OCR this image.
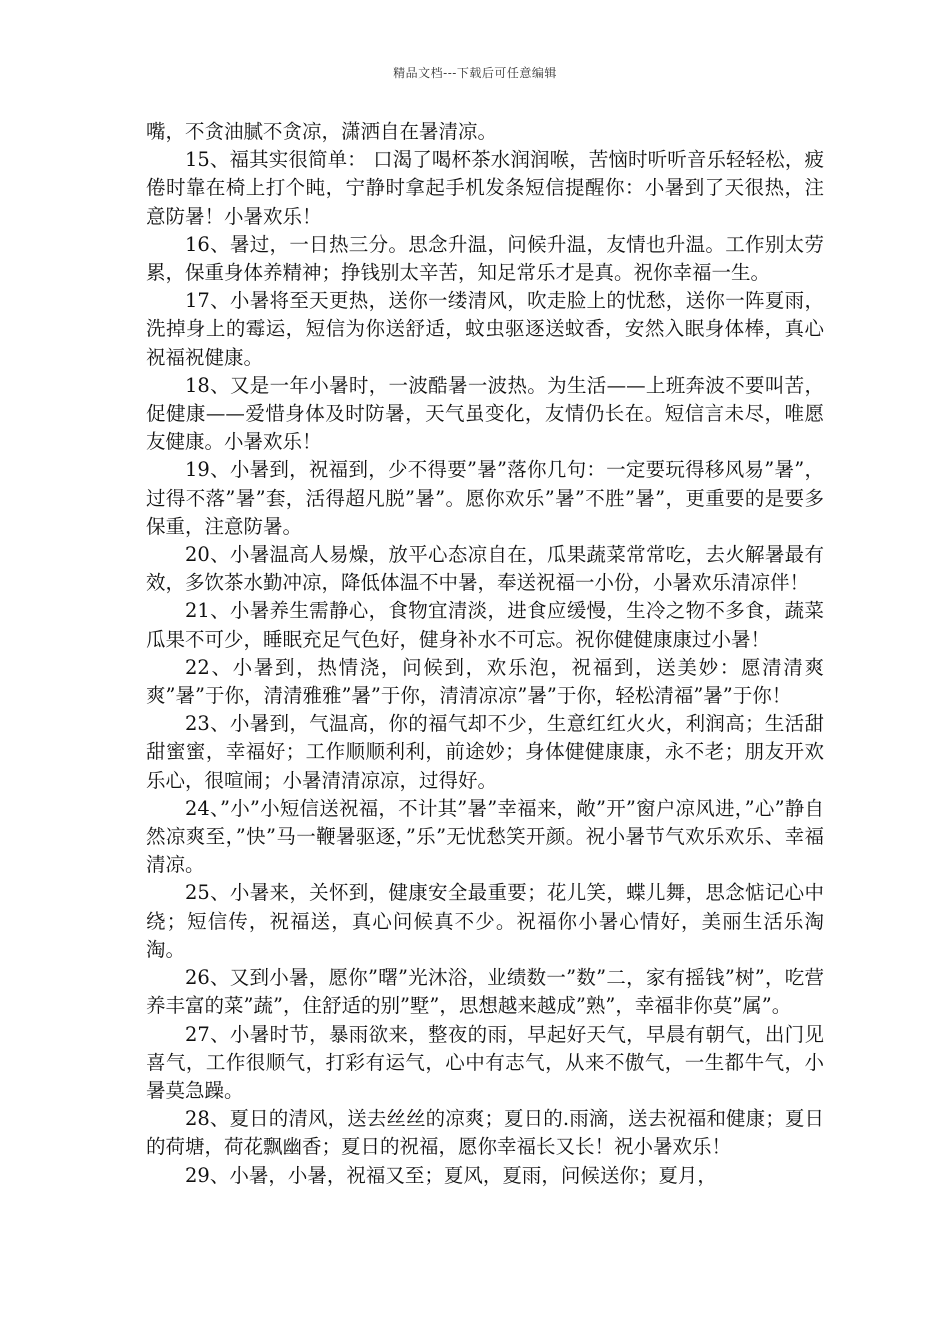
精品文档---下载后可任意编辑

嘴，不贪油腻不贪凉，潇洒自在暑清凉。

15、福其实很简单： 口渴了喝杯茶水润润喉，苦恼时听听音乐轻轻松，疲倦时靠在椅上打个盹，宁静时拿起手机发条短信提醒你：小暑到了天很热，注意防暑！小暑欢乐！

16、暑过，一日热三分。思念升温，问候升温，友情也升温。工作别太劳累，保重身体养精神；挣钱别太辛苦，知足常乐才是真。祝你幸福一生。

17、小暑将至天更热，送你一缕清风，吹走脸上的忧愁，送你一阵夏雨，洗掉身上的霉运，短信为你送舒适，蚊虫驱逐送蚊香，安然入眠身体棒，真心祝福祝健康。

18、又是一年小暑时，一波酷暑一波热。为生活——上班奔波不要叫苦，促健康——爱惜身体及时防暑，天气虽变化，友情仍长在。短信言未尽，唯愿友健康。小暑欢乐！

19、小暑到，祝福到，少不得要”暑”落你几句：一定要玩得移风易”暑”，过得不落”暑”套，活得超凡脱”暑”。愿你欢乐”暑”不胜”暑”，更重要的是要多保重，注意防暑。

20、小暑温高人易燥，放平心态凉自在，瓜果蔬菜常常吃，去火解暑最有效，多饮茶水勤冲凉，降低体温不中暑，奉送祝福一小份，小暑欢乐清凉伴！

21、小暑养生需静心，食物宜清淡，进食应缓慢，生冷之物不多食，蔬菜瓜果不可少，睡眠充足气色好，健身补水不可忘。祝你健健康康过小暑！

22、小暑到，热情浇，问候到，欢乐泡，祝福到，送美妙：愿清清爽爽”暑”于你，清清雅雅”暑”于你，清清凉凉”暑”于你，轻松清福”暑”于你！

23、小暑到，气温高，你的福气却不少，生意红红火火，利润高；生活甜甜蜜蜜，幸福好；工作顺顺利利，前途妙；身体健健康康，永不老；朋友开欢乐心，很喧闹；小暑清清凉凉，过得好。

24、”小”小短信送祝福，不计其”暑”幸福来，敞”开”窗户凉风进，”心”静自然凉爽至，”快”马一鞭暑驱逐，”乐”无忧愁笑开颜。祝小暑节气欢乐欢乐、幸福清凉。

25、小暑来，关怀到，健康安全最重要；花儿笑，蝶儿舞，思念惦记心中绕；短信传，祝福送，真心问候真不少。祝福你小暑心情好，美丽生活乐淘淘。

26、又到小暑，愿你”曙”光沐浴，业绩数一”数”二，家有摇钱”树”，吃营养丰富的菜”蔬”，住舒适的别”墅”，思想越来越成”熟”，幸福非你莫”属”。

27、小暑时节，暴雨欲来，整夜的雨，早起好天气，早晨有朝气，出门见喜气，工作很顺气，打彩有运气，心中有志气，从来不傲气，一生都牛气，小暑莫急躁。

28、夏日的清风，送去丝丝的凉爽；夏日的.雨滴，送去祝福和健康；夏日的荷塘，荷花飘幽香；夏日的祝福，愿你幸福长又长！祝小暑欢乐！

29、小暑，小暑，祝福又至；夏风，夏雨，问候送你；夏月，
